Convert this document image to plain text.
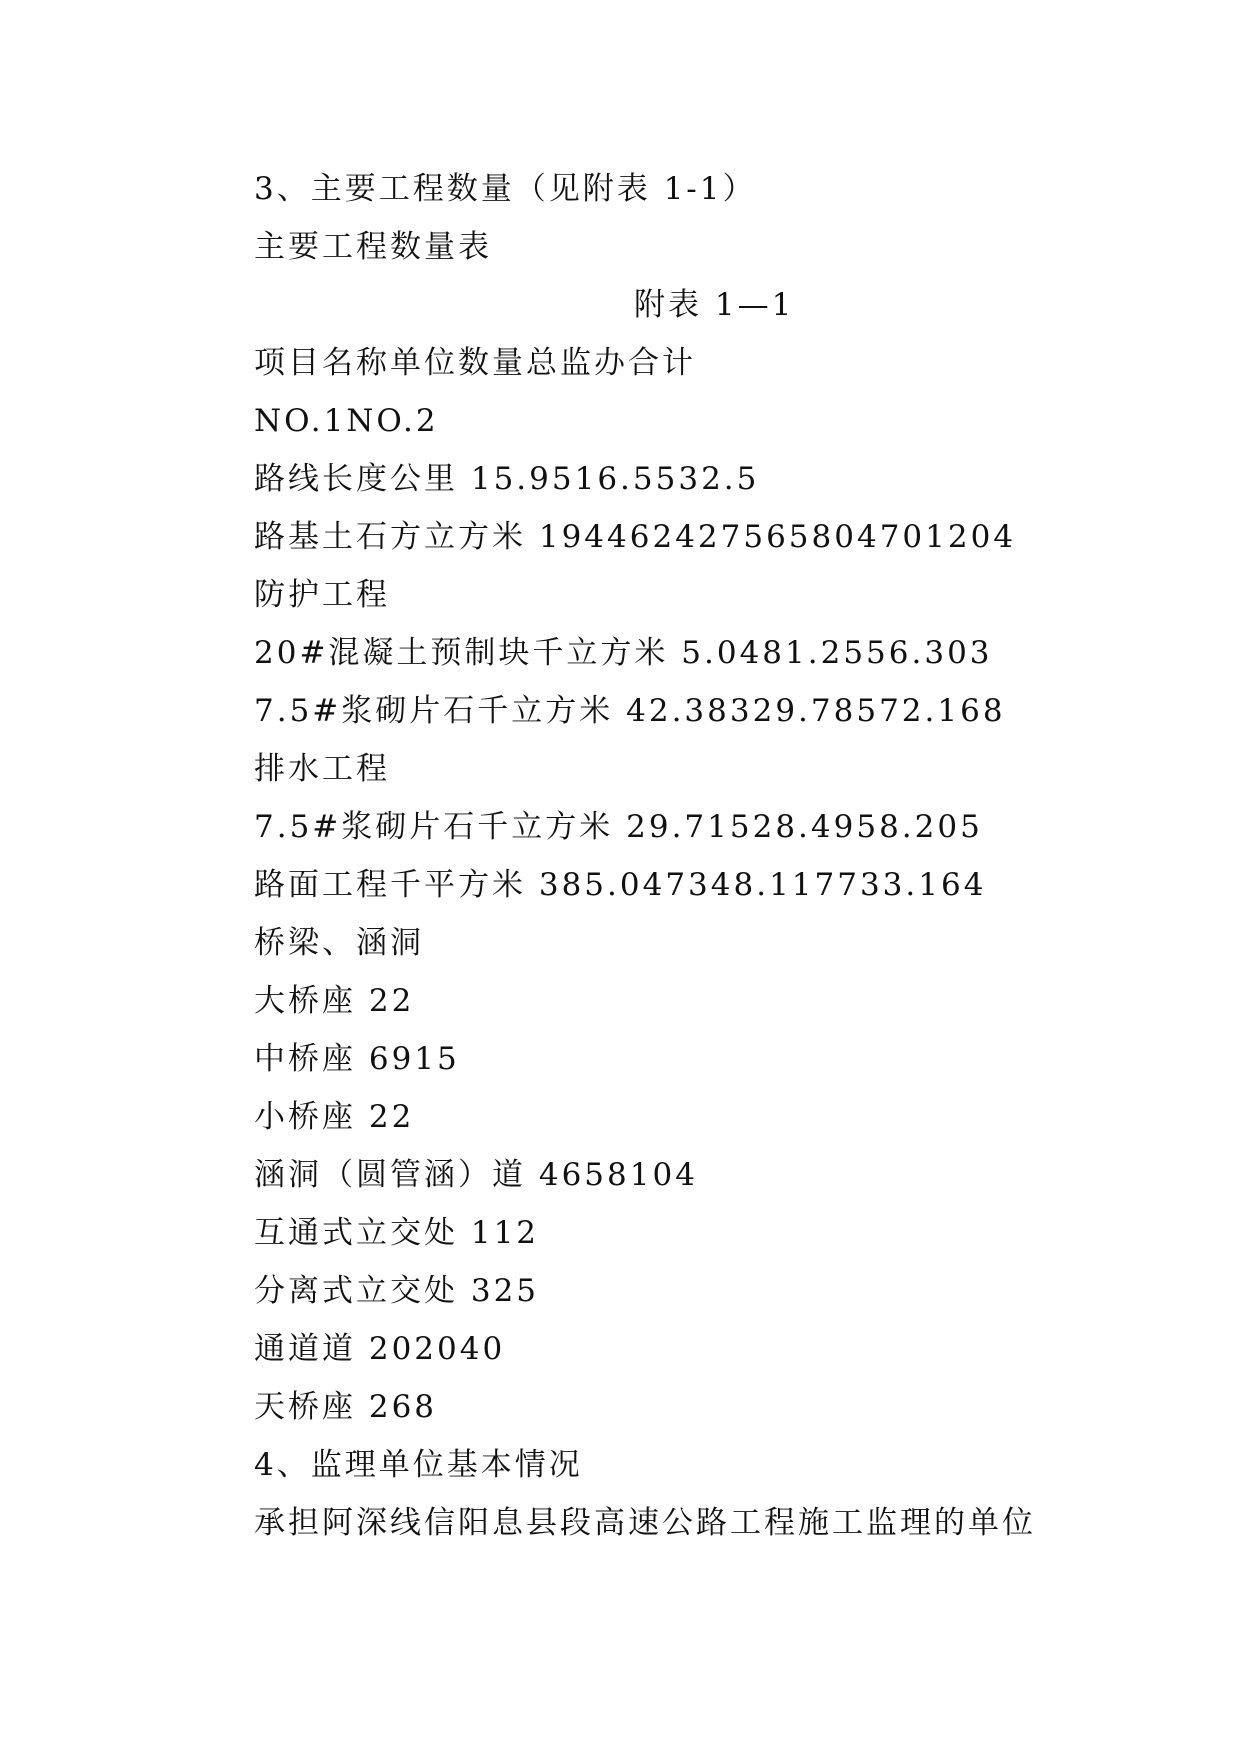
3、主要工程数量（见附表 1-1）
主要工程数量表
附表 1—1
项目名称单位数量总监办合计
NO.1NO.2
路线长度公里 15.9516.5532.5
路基土石方立方米 19446242756580470120​4
防护工程
20#混凝土预制块千立方米 5.0481.2556.303
7.5#浆砌片石千立方米 42.38329.78572.168
排水工程
7.5#浆砌片石千立方米 29.71528.4958.205
路面工程千平方米 385.047348.117733.164
桥梁、涵洞
大桥座 22
中桥座 6915
小桥座 22
涵洞（圆管涵）道 4658104
互通式立交处 112
分离式立交处 325
通道道 202040
天桥座 268
4、监理单位基本情况
承担阿深线信阳息县段高速公路工程施工监理的单位
